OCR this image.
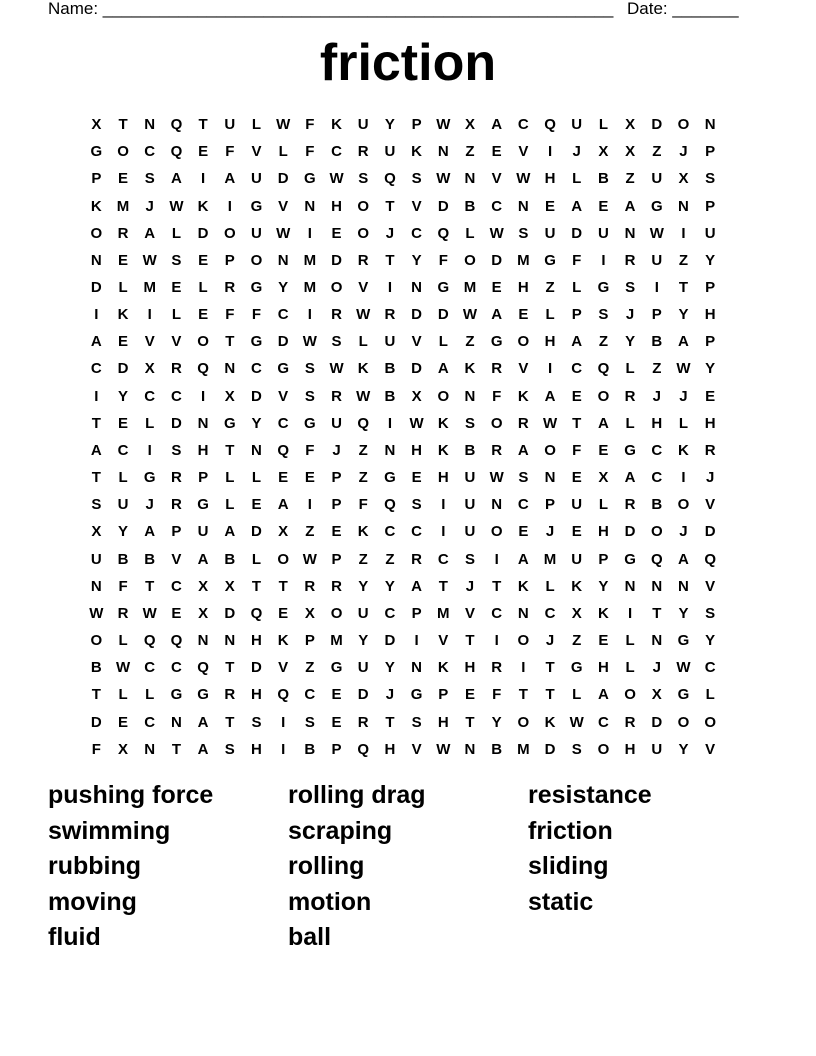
Name: ______________________________________________________ Date: _______
friction
X	T	N	Q	T	U	L	W	F	K	U	Y	P W X	A	C	Q	U	L	X	D	O	N
G	O	C	Q	E	F	V	L	F	C	R	U	K	N	Z	E	V	I	J	X	X	Z	J	P
P	E	S	A	I	A	U	D	G W S	Q	S W N	V W H	L	B	Z	U	X	S
K	M	J	W K	I	G	V	N	H	O	T	V	D	B	C	N	E	A	E	A	G	N	P
O	R	A	L	D	O	U W	I	E	O	J	C	Q	L	W S	U	D	U	N W	I	U
N	E W S	E	P	O	N	M	D	R	T	Y	F	O	D	M G	F	I	R	U	Z	Y
D	L	M	E	L	R	G	Y	M O	V	I	N	G M	E	H	Z	L	G	S	I	T	P
I	K	I	L	E	F	F	C	I	R W R	D	D W A	E	L	P	S	J	P	Y	H
A	E	V	V	O	T	G	D W S	L	U	V	L	Z	G	O	H	A	Z	Y	B	A	P
C	D	X	R	Q	N	C	G	S W K	B	D	A	K	R	V	I	C	Q	L	Z	W Y
I	Y	C	C	I	X	D	V	S	R W B	X	O	N	F	K	A	E	O	R	J	J	E
T	E	L	D	N	G	Y	C	G	U	Q	I	W K	S	O	R W	T	A	L	H	L	H
A	C	I	S	H	T	N	Q	F	J	Z	N	H	K	B	R	A	O	F	E	G	C	K	R
T	L	G	R	P	L	L	E	E	P	Z	G	E	H	U W S	N	E	X	A	C	I	J
S	U	J	R	G	L	E	A	I	P	F	Q	S	I	U	N	C	P	U	L	R	B	O	V
X	Y	A	P	U	A	D	X	Z	E	K	C	C	I	U	O	E	J	E	H	D	O	J	D
U	B	B	V	A	B	L	O W P	Z	Z	R	C	S	I	A	M	U	P	G	Q	A	Q
N	F	T	C	X	X	T	T	R	R	Y	Y	A	T	J	T	K	L	K	Y	N	N	N	V
W R W E	X	D	Q	E	X	O	U	C	P	M	V	C	N	C	X	K	I	T	Y	S
O	L	Q	Q	N	N	H	K	P	M	Y	D	I	V	T	I	O	J	Z	E	L	N	G	Y
B W C	C	Q	T	D	V	Z	G	U	Y	N	K	H	R	I	T	G	H	L	J	W C
T	L	L	G	G	R	H	Q	C	E	D	J	G	P	E	F	T	T	L	A	O	X	G	L
D	E	C	N	A	T	S	I	S	E	R	T	S	H	T	Y	O	K W C	R	D	O	O
F	X	N	T	A	S	H	I	B	P	Q	H	V W N	B	M	D	S	O	H	U	Y	V
pushing force
swimming
rubbing
moving
fluid
rolling drag
scraping
rolling
motion
ball
resistance
friction
sliding
static
